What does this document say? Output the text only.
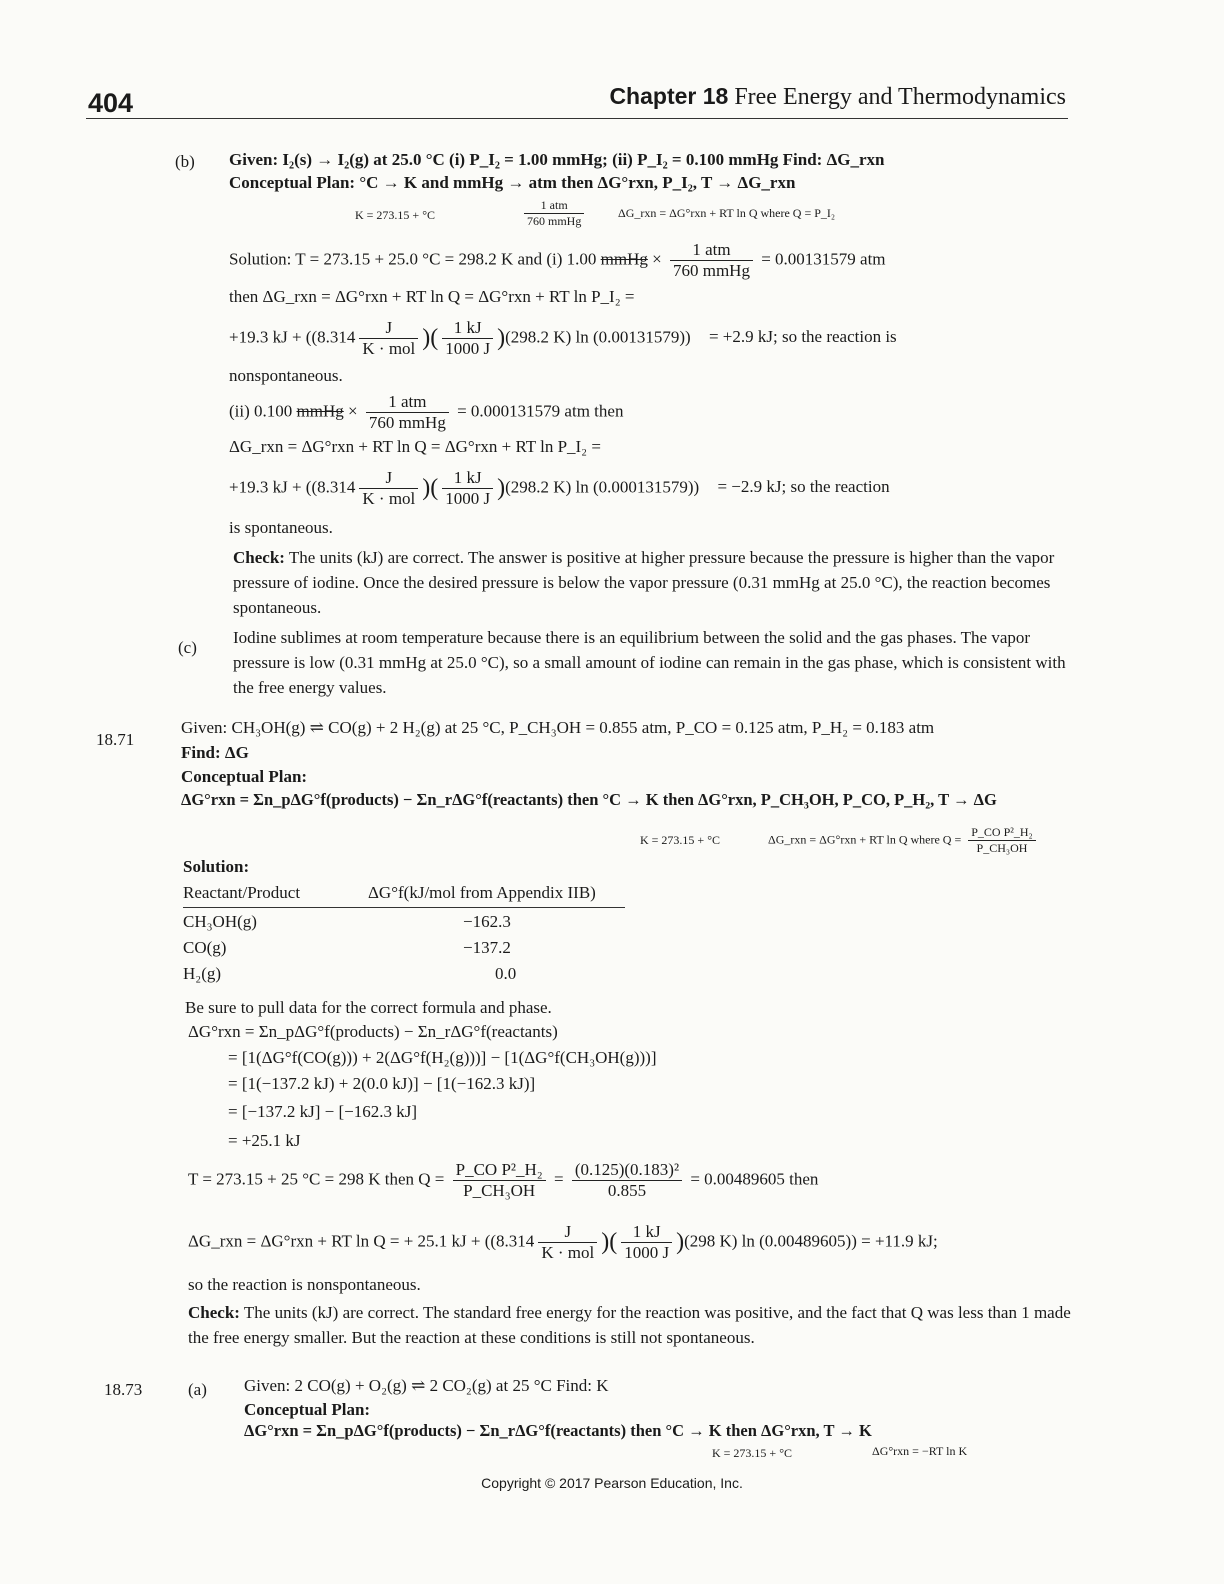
404	Chapter 18 Free Energy and Thermodynamics
(b) Given: I₂(s) → I₂(g) at 25.0 °C (i) P_I₂ = 1.00 mmHg; (ii) P_I₂ = 0.100 mmHg Find: ΔG_rxn
Conceptual Plan: °C → K and mmHg → atm then ΔG°rxn, P_I₂, T → ΔG_rxn
K = 273.15 + °C	$\frac{\text{1 atm}}{\text{760 mmHg}}$	ΔG_rxn = ΔG°rxn + RT ln Q where Q = P_I₂
Solution: T = 273.15 + 25.0 °C = 298.2 K and (i) 1.00 mmHg × $\frac{\text{1 atm}}{\text{760 mmHg}} = 0.00131579$ atm
then ΔG_rxn = ΔG°rxn + RT ln Q = ΔG°rxn + RT ln P_I₂ =
+19.3 kJ + (($8.314 \frac{J}{\text{K · mol}}$ )( $\frac{1 kJ}{1000 J} )(298.2$ K) ln (0.00131579)) = +2.9 kJ; so the reaction is
nonspontaneous.
(ii) 0.100 mmHg × $\frac{\text{1 atm}}{\text{760 mmHg}} = 0.000131579$ atm then
ΔG_rxn = ΔG°rxn + RT ln Q = ΔG°rxn + RT ln P_I₂ =
+19.3 kJ + (($8.314 \frac{J}{\text{K · mol}}$ )( $\frac{1 kJ}{1000 J} )(298.2$ K) ln (0.000131579)) = −2.9 kJ; so the reaction
is spontaneous.
Check: The units (kJ) are correct. The answer is positive at higher pressure because the pressure is higher than the vapor pressure of iodine. Once the desired pressure is below the vapor pressure (0.31 mmHg at 25.0 °C), the reaction becomes spontaneous.
(c)
Iodine sublimes at room temperature because there is an equilibrium between the solid and the gas phases. The vapor pressure is low (0.31 mmHg at 25.0 °C), so a small amount of iodine can remain in the gas phase, which is consistent with the free energy values.
18.71
Given: CH₃OH(g) ⇌ CO(g) + 2 H₂(g) at 25 °C, P_CH₃OH = 0.855 atm, P_CO = 0.125 atm, P_H₂ = 0.183 atm
Find: ΔG
Conceptual Plan:
ΔG°rxn = Σn_pΔG°f(products) − Σn_rΔG°f(reactants) then °C → K then ΔG°rxn, P_CH₃OH, P_CO, P_H₂, T → ΔG
K = 273.15 + °C	ΔG_rxn = ΔG°rxn + RT ln Q where $Q = \frac{\text{P\_CO P²\_H₂}}{\text{P\_CH₃OH}}$
Solution:
Reactant/Product	ΔG°f(kJ/mol from Appendix IIB)
CH₃OH(g)	−162.3
CO(g)	−137.2
H₂(g)	0.0
Be sure to pull data for the correct formula and phase.
ΔG°rxn = Σn_pΔG°f(products) − Σn_rΔG°f(reactants)
= [1(ΔG°f(CO(g))) + 2(ΔG°f(H₂(g)))] − [1(ΔG°f(CH₃OH(g)))]
= [1(−137.2 kJ) + 2(0.0 kJ)] − [1(−162.3 kJ)]
= [−137.2 kJ] − [−162.3 kJ]
= +25.1 kJ
T = 273.15 + 25 °C = 298 K then $Q = \frac{\text{P\_CO P²\_H₂}}{\text{P\_CH₃OH}} = \frac{\text{(0.125)(0.183)²}}{0.855} = 0.00489605$ then
ΔG_rxn = ΔG°rxn + RT ln Q = + 25.1 kJ + (($8.314 \frac{J}{\text{K · mol}}$ )( $\frac{1 kJ}{1000 J} )(298$ K) ln (0.00489605)) = +11.9 kJ;
so the reaction is nonspontaneous.
Check: The units (kJ) are correct. The standard free energy for the reaction was positive, and the fact that Q was less than 1 made the free energy smaller. But the reaction at these conditions is still not spontaneous.
18.73	(a) Given: 2 CO(g) + O₂(g) ⇌ 2 CO₂(g) at 25 °C Find: K
Conceptual Plan:
ΔG°rxn = Σn_pΔG°f(products) − Σn_rΔG°f(reactants) then °C → K then ΔG°rxn, T → K
K = 273.15 + °C	ΔG°rxn = −RT ln K
Copyright © 2017 Pearson Education, Inc.
